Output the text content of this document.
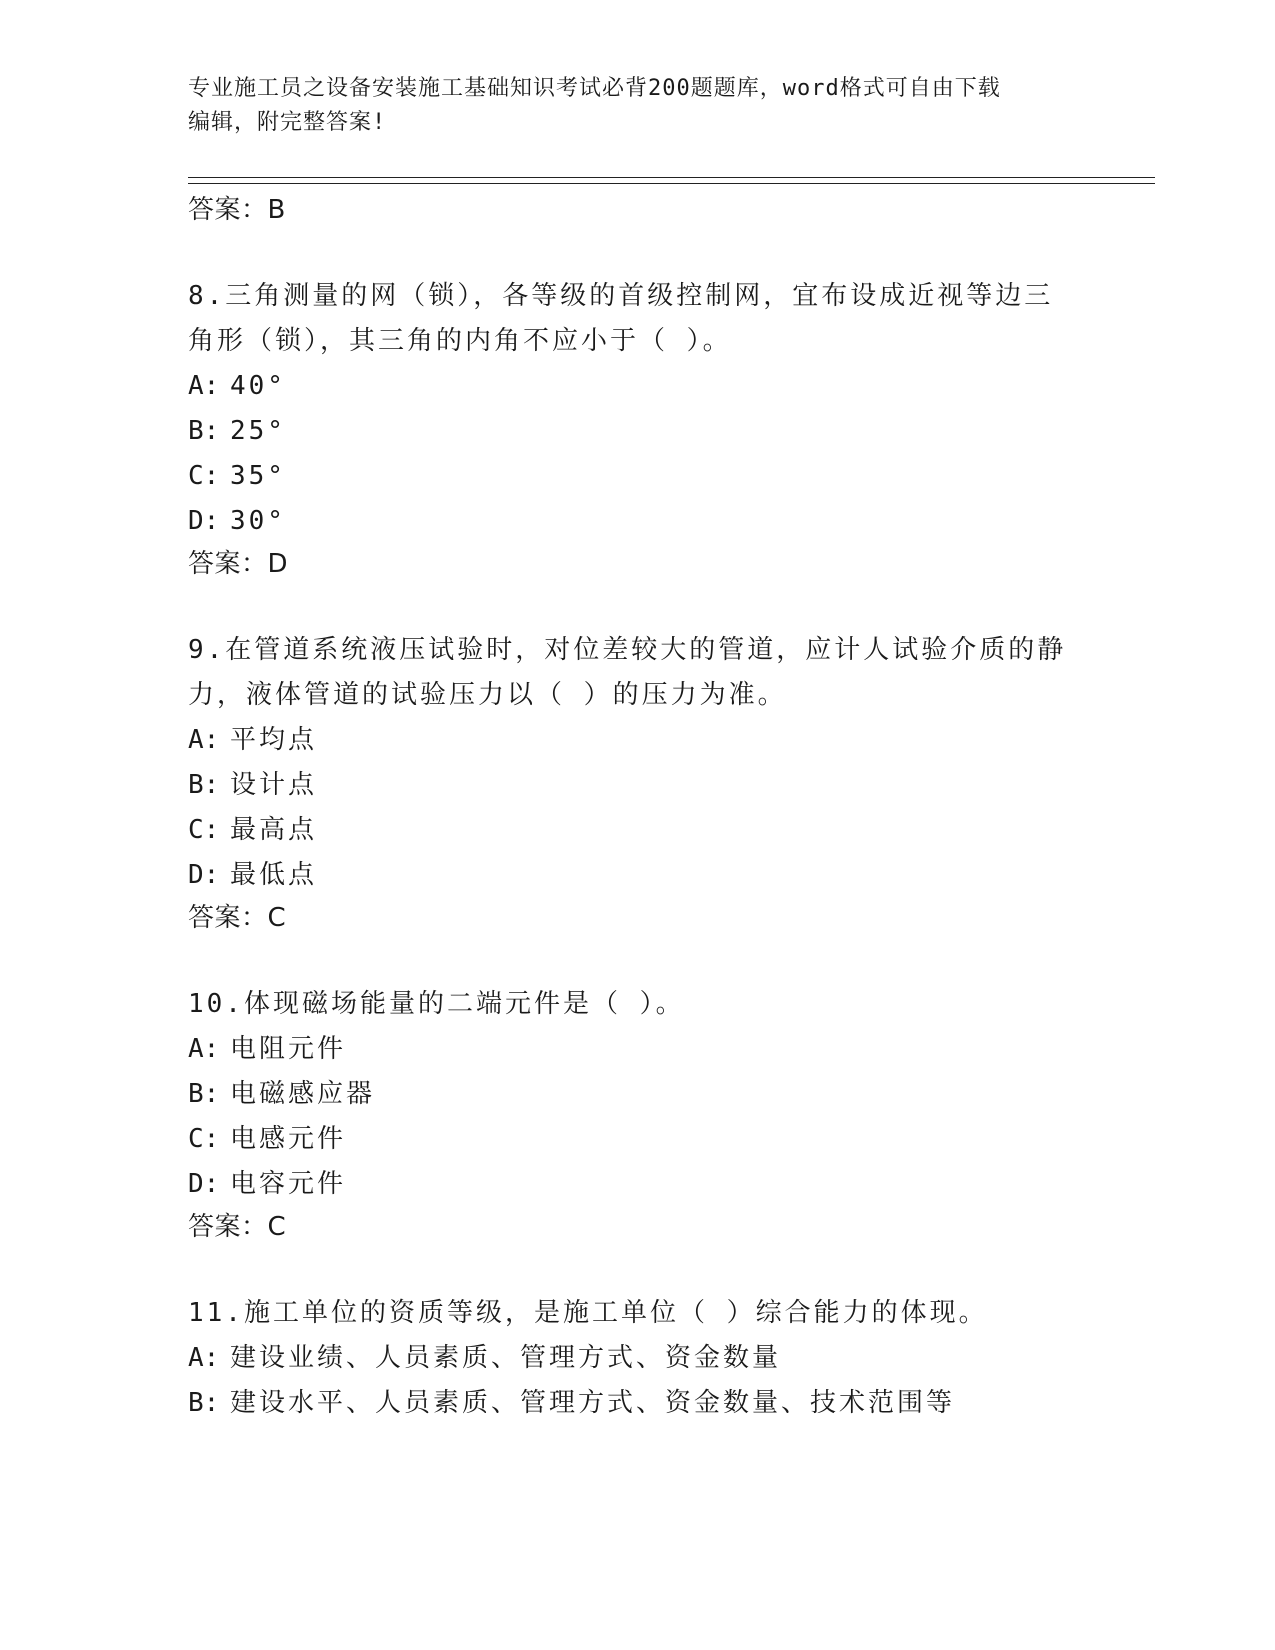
专业施工员之设备安装施工基础知识考试必背200题题库，word格式可自由下载

编辑，附完整答案!

答案：B

8.三角测量的网（锁），各等级的首级控制网，宜布设成近视等边三角形（锁），其三角的内角不应小于（ ）。

A: 40°

B: 25°

C: 35°

D: 30°

答案：D

9.在管道系统液压试验时，对位差较大的管道，应计人试验介质的静力，液体管道的试验压力以（ ）的压力为准。

A: 平均点

B: 设计点

C: 最高点

D: 最低点

答案：C

10.体现磁场能量的二端元件是（ ）。

A: 电阻元件

B: 电磁感应器

C: 电感元件

D: 电容元件

答案：C

11.施工单位的资质等级，是施工单位（ ）综合能力的体现。

A: 建设业绩、人员素质、管理方式、资金数量

B: 建设水平、人员素质、管理方式、资金数量、技术范围等
